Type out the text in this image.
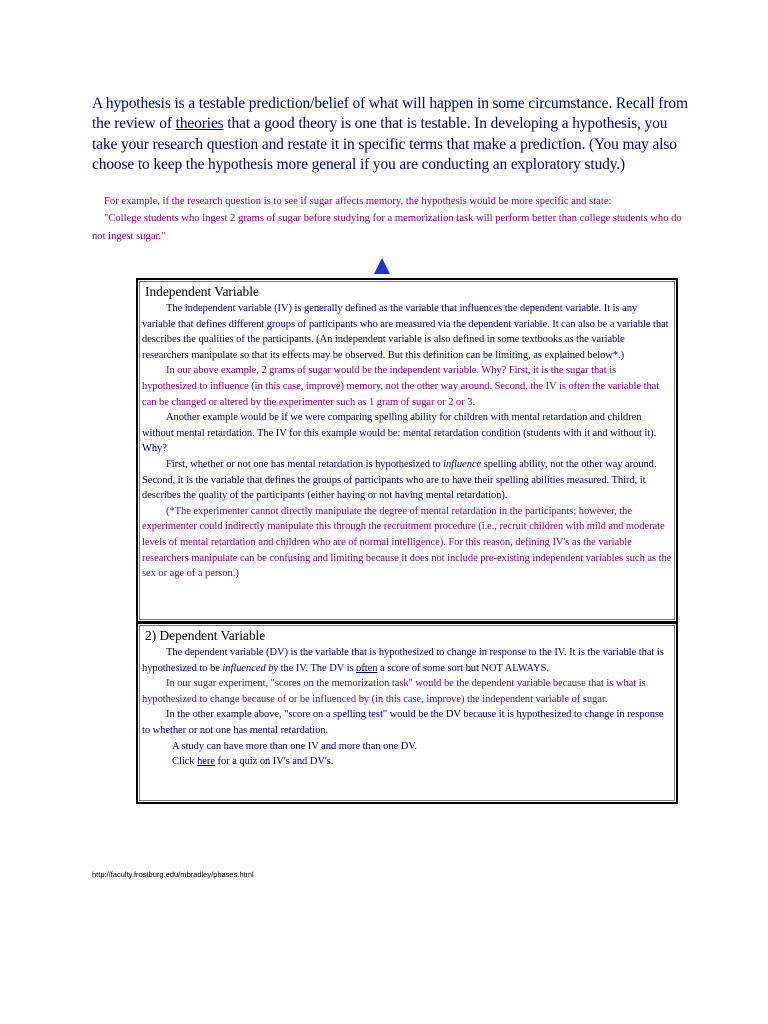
A hypothesis is a testable prediction/belief of what will happen in some circumstance. Recall from the review of theories that a good theory is one that is testable. In developing a hypothesis, you take your research question and restate it in specific terms that make a prediction. (You may also choose to keep the hypothesis more general if you are conducting an exploratory study.)

For example, if the research question is to see if sugar affects memory, the hypothesis would be more specific and state:

"College students who ingest 2 grams of sugar before studying for a memorization task will perform better than college students who do not ingest sugar."

Independent Variable

The independent variable (IV) is generally defined as the variable that influences the dependent variable. It is any variable that defines different groups of participants who are measured via the dependent variable. It can also be a variable that describes the qualities of the participants. (An independent variable is also defined in some textbooks as the variable researchers manipulate so that its effects may be observed. But this definition can be limiting, as explained below*.)

In our above example, 2 grams of sugar would be the independent variable. Why? First, it is the sugar that is hypothesized to influence (in this case, improve) memory, not the other way around. Second, the IV is often the variable that can be changed or altered by the experimenter such as 1 gram of sugar or 2 or 3.

Another example would be if we were comparing spelling ability for children with mental retardation and children without mental retardation. The IV for this example would be: mental retardation condition (students with it and without it). Why?

First, whether or not one has mental retardation is hypothesized to influence spelling ability, not the other way around. Second, it is the variable that defines the groups of participants who are to have their spelling abilities measured. Third, it describes the quality of the participants (either having or not having mental retardation).

(*The experimenter cannot directly manipulate the degree of mental retardation in the participants; however, the experimenter could indirectly manipulate this through the recruitment procedure (i.e., recruit children with mild and moderate levels of mental retardation and children who are of normal intelligence). For this reason, defining IV's as the variable researchers manipulate can be confusing and limiting because it does not include pre-existing independent variables such as the sex or age of a person.)

2) Dependent Variable

The dependent variable (DV) is the variable that is hypothesized to change in response to the IV. It is the variable that is hypothesized to be influenced by the IV. The DV is often a score of some sort but NOT ALWAYS.

In our sugar experiment, "scores on the memorization task" would be the dependent variable because that is what is hypothesized to change because of or be influenced by (in this case, improve) the independent variable of sugar.

In the other example above, "score on a spelling test" would be the DV because it is hypothesized to change in response to whether or not one has mental retardation.

A study can have more than one IV and more than one DV.

Click here for a quiz on IV's and DV's.

http://faculty.frostburg.edu/mbradley/phases.html
